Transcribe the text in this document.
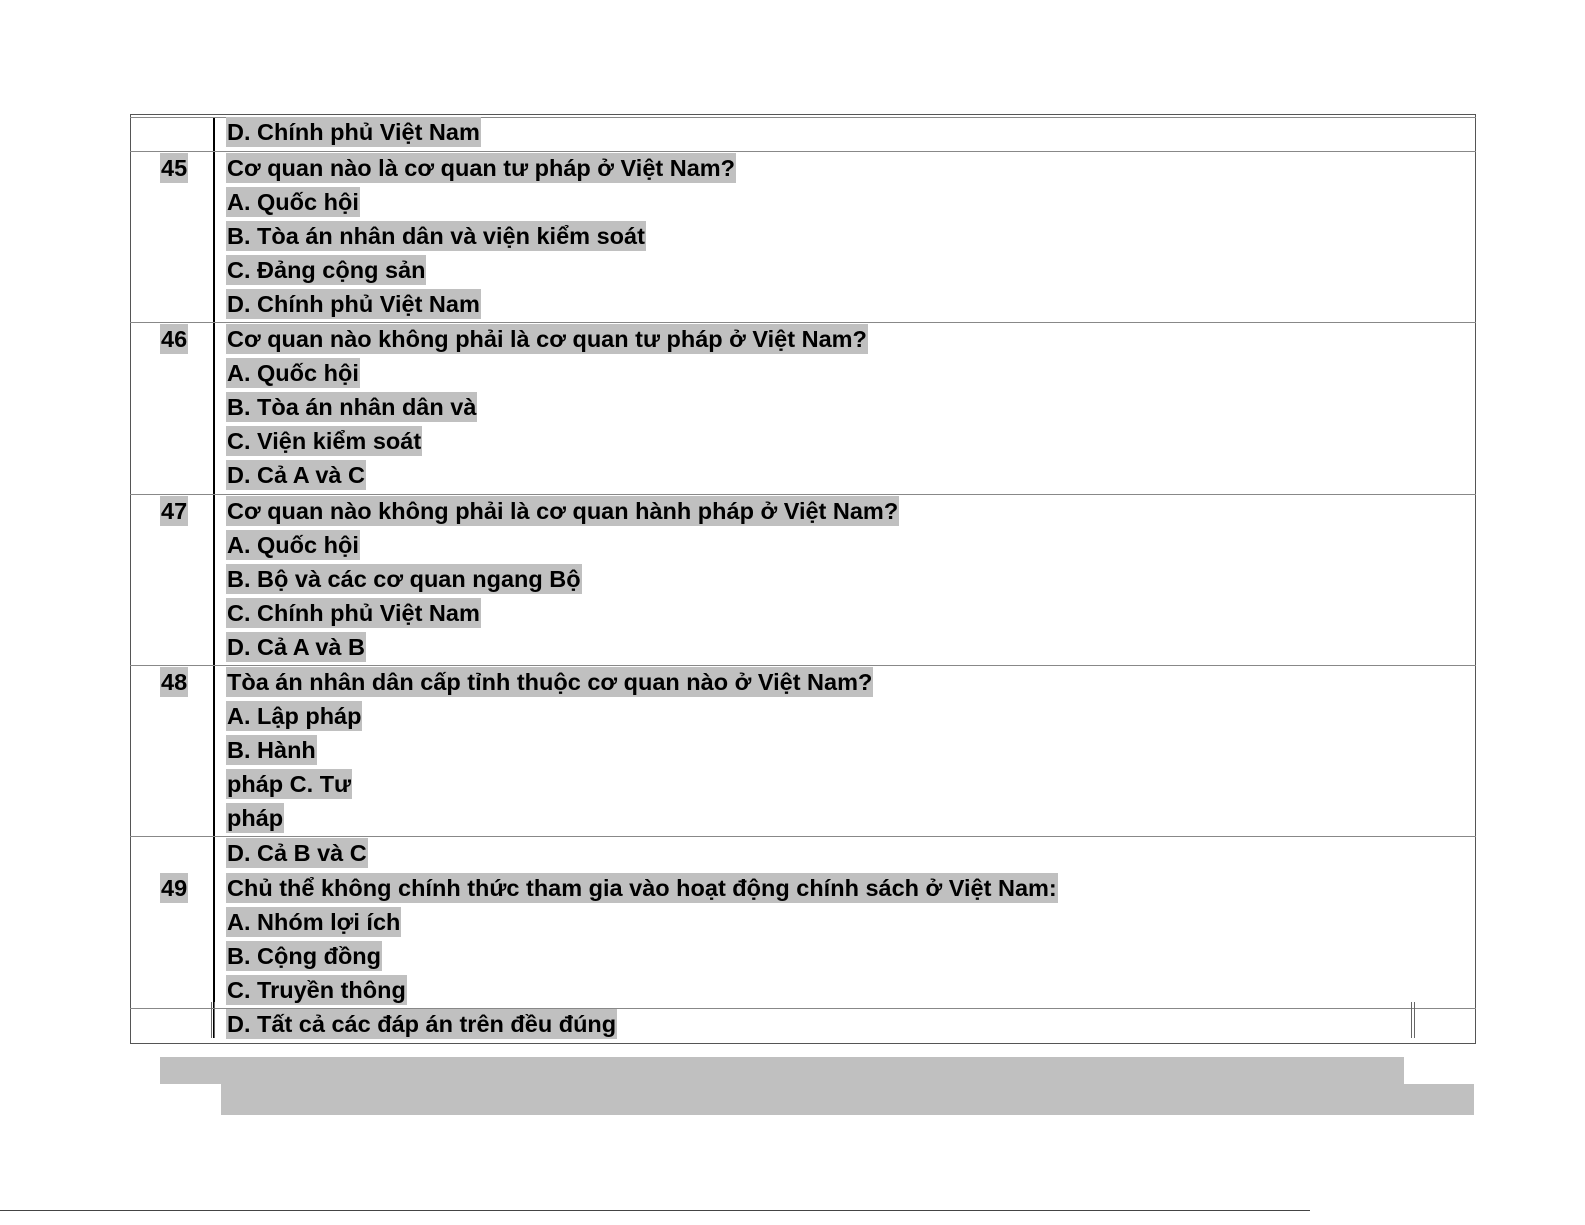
45
46
47
48
49
D. Chính phủ Việt Nam
Cơ quan nào là cơ quan tư pháp ở Việt Nam?
A. Quốc hội
B. Tòa án nhân dân và viện kiểm soát
C. Đảng cộng sản
D. Chính phủ Việt Nam
Cơ quan nào không phải là cơ quan tư pháp ở Việt Nam?
A. Quốc hội
B. Tòa án nhân dân và
C. Viện kiểm soát
D. Cả A và C
Cơ quan nào không phải là cơ quan hành pháp ở Việt Nam?
A. Quốc hội
B. Bộ và các cơ quan ngang Bộ
C. Chính phủ Việt Nam
D. Cả A và B
Tòa án nhân dân cấp tỉnh thuộc cơ quan nào ở Việt Nam?
A. Lập pháp
B. Hành
pháp C. Tư
pháp
D. Cả B và C
Chủ thể không chính thức tham gia vào hoạt động chính sách ở Việt Nam:
A. Nhóm lợi ích
B. Cộng đồng
C. Truyền thông
D. Tất cả các đáp án trên đều đúng
